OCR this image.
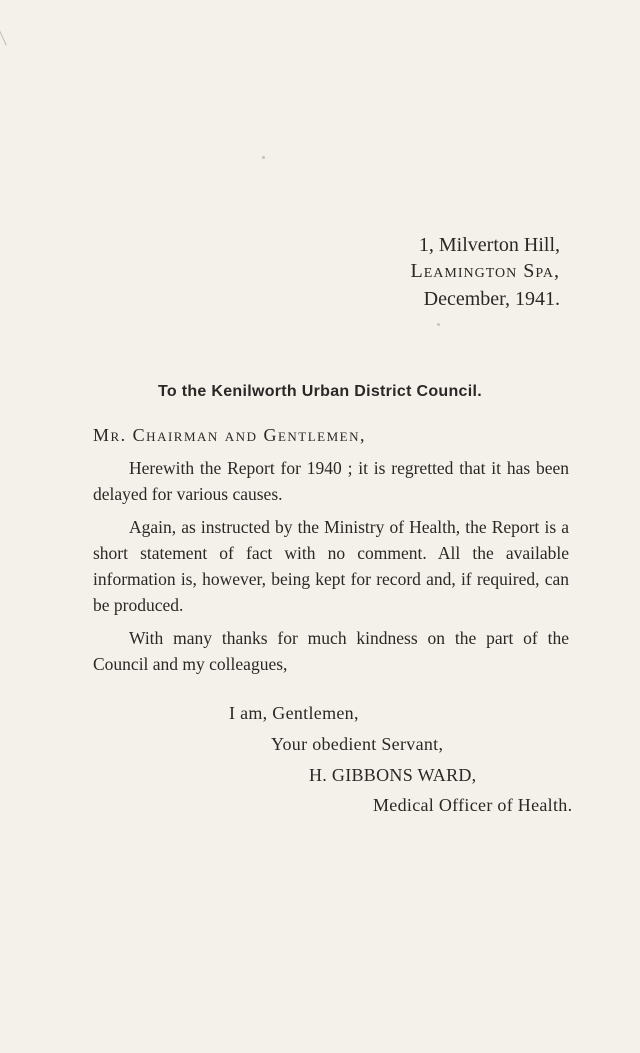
1, Milverton Hill,
Leamington Spa,
December, 1941.
To the Kenilworth Urban District Council.
Mr. Chairman and Gentlemen,
Herewith the Report for 1940 ; it is regretted that it has been delayed for various causes.
Again, as instructed by the Ministry of Health, the Report is a short statement of fact with no comment. All the available information is, however, being kept for record and, if required, can be produced.
With many thanks for much kindness on the part of the Council and my colleagues,
I am, Gentlemen,
Your obedient Servant,
H. GIBBONS WARD,
Medical Officer of Health.
